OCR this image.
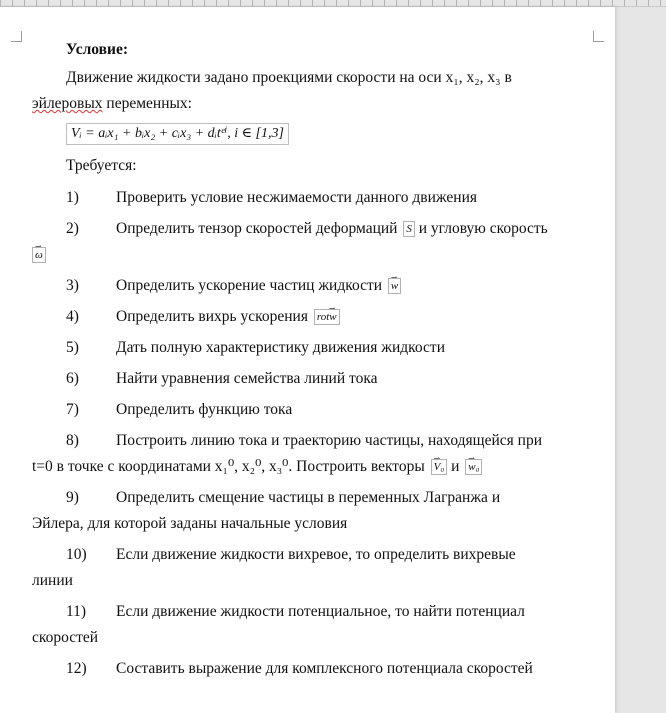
Условие:
Движение жидкости задано проекциями скорости на оси x₁, x₂, x₃ в
эйлеровых переменных:
Vᵢ = aᵢx₁ + bᵢx₂ + cᵢx₃ + dᵢtᵉⁱ, i ∈ [1,3]
Требуется:
1) Проверить условие несжимаемости данного движения
2) Определить тензор скоростей деформаций S и угловую скорость

⇀
ω
3) Определить ускорение частиц жидкости ⇀
w
4) Определить вихрь ускорения	⇀
rotw
5) Дать полную характеристику движения жидкости
6) Найти уравнения семейства линий тока
7) Определить функцию тока
8) Построить линию тока и траекторию частицы, находящейся при
t=0 в точке с координатами x₁⁰, x₂⁰, x₃⁰. Построить векторы ⇀
V₀ и ⇀
w₀
9) Определить смещение частицы в переменных Лагранжа и
Эйлера, для которой заданы начальные условия
10) Если движение жидкости вихревое, то определить вихревые
линии
11) Если движение жидкости потенциальное, то найти потенциал
скоростей
12) Составить выражение для комплексного потенциала скоростей
